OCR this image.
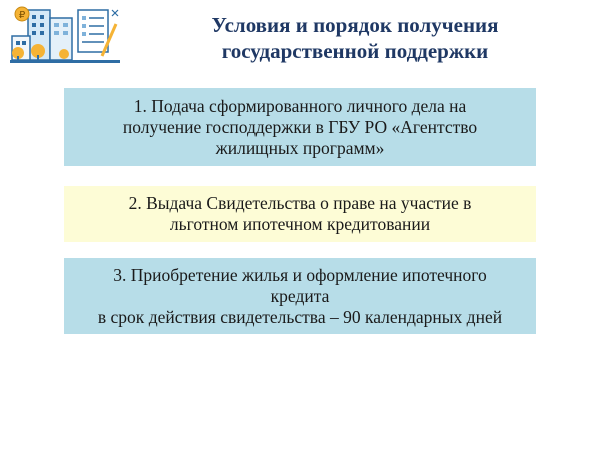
₽	Условия и порядок получения
государственной поддержки
1. Подача сформированного личного дела на
получение господдержки в ГБУ РО «Агентство
жилищных программ»
2. Выдача Свидетельства о праве на участие в
льготном ипотечном кредитовании
3. Приобретение жилья и оформление ипотечного
кредита
в срок действия свидетельства – 90 календарных дней
